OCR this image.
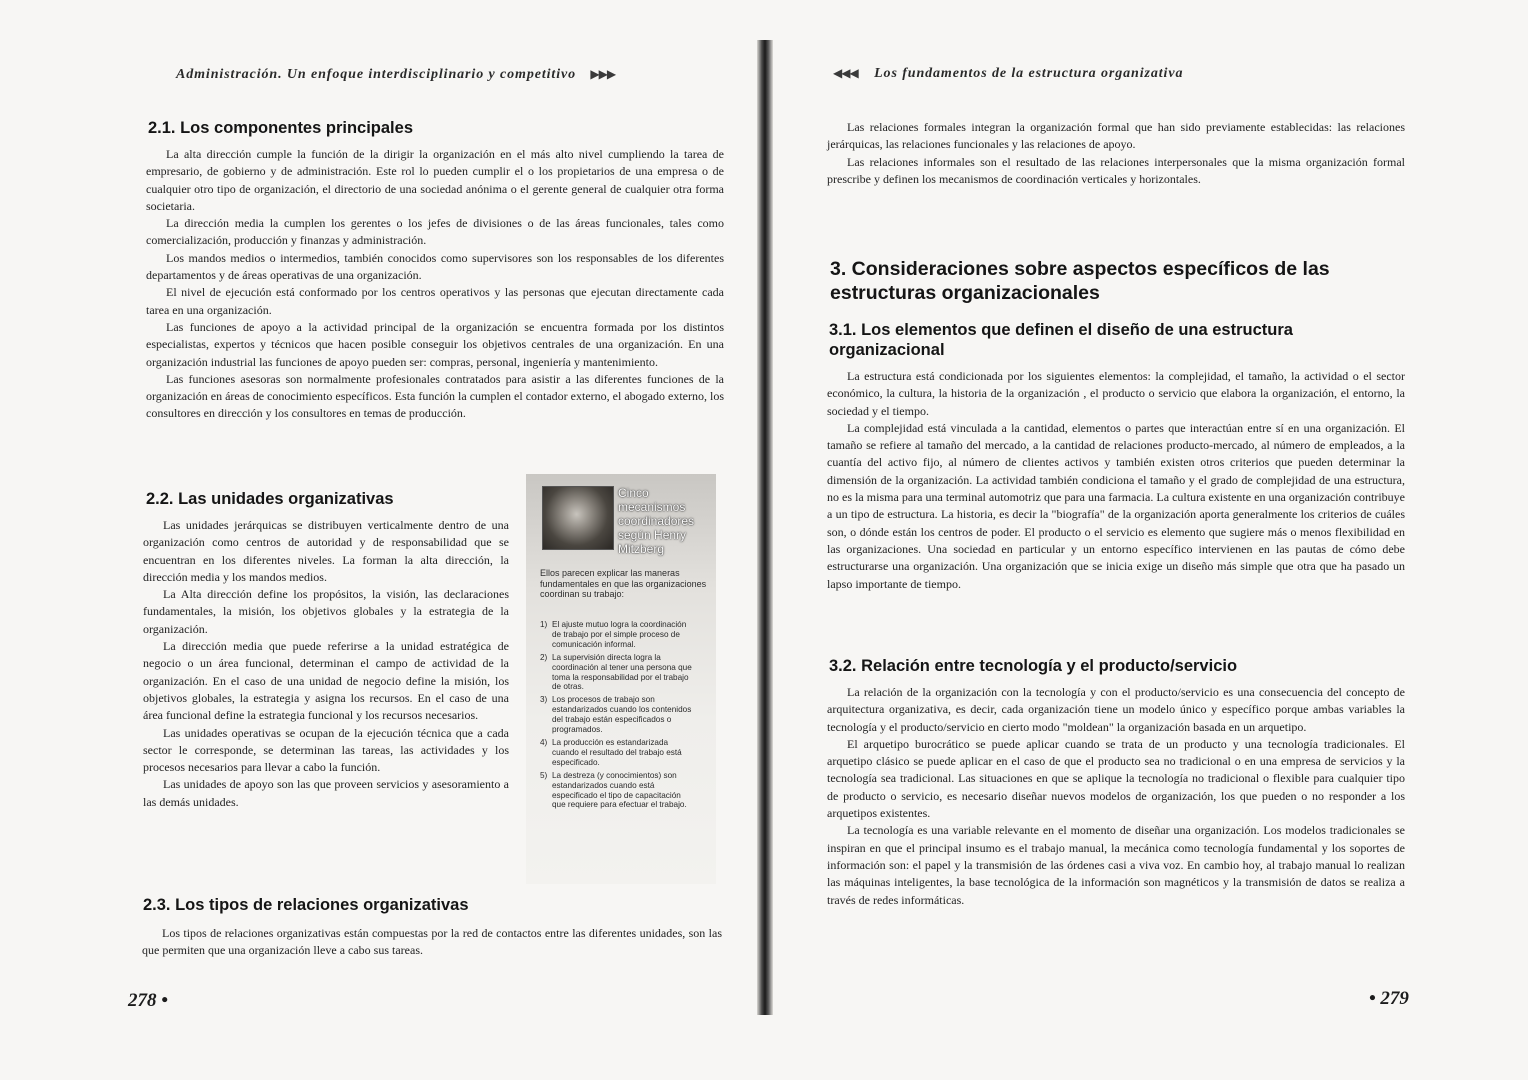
Administración. Un enfoque interdisciplinario y competitivo ▶▶▶
2.1. Los componentes principales

La alta dirección cumple la función de la dirigir la organización en el más alto nivel cumpliendo la tarea de empresario, de gobierno y de administración. Este rol lo pueden cumplir el o los propietarios de una empresa o de cualquier otro tipo de organización, el directorio de una sociedad anónima o el gerente general de cualquier otra forma societaria.

La dirección media la cumplen los gerentes o los jefes de divisiones o de las áreas funcionales, tales como comercialización, producción y finanzas y administración.

Los mandos medios o intermedios, también conocidos como supervisores son los responsables de los diferentes departamentos y de áreas operativas de una organización.

El nivel de ejecución está conformado por los centros operativos y las personas que ejecutan directamente cada tarea en una organización.

Las funciones de apoyo a la actividad principal de la organización se encuentra formada por los distintos especialistas, expertos y técnicos que hacen posible conseguir los objetivos centrales de una organización. En una organización industrial las funciones de apoyo pueden ser: compras, personal, ingeniería y mantenimiento.

Las funciones asesoras son normalmente profesionales contratados para asistir a las diferentes funciones de la organización en áreas de conocimiento específicos. Esta función la cumplen el contador externo, el abogado externo, los consultores en dirección y los consultores en temas de producción.

2.2. Las unidades organizativas

Las unidades jerárquicas se distribuyen verticalmente dentro de una organización como centros de autoridad y de responsabilidad que se encuentran en los diferentes niveles. La forman la alta dirección, la dirección media y los mandos medios.

La Alta dirección define los propósitos, la visión, las declaraciones fundamentales, la misión, los objetivos globales y la estrategia de la organización.

La dirección media que puede referirse a la unidad estratégica de negocio o un área funcional, determinan el campo de actividad de la organización. En el caso de una unidad de negocio define la misión, los objetivos globales, la estrategia y asigna los recursos. En el caso de una área funcional define la estrategia funcional y los recursos necesarios.

Las unidades operativas se ocupan de la ejecución técnica que a cada sector le corresponde, se determinan las tareas, las actividades y los procesos necesarios para llevar a cabo la función.

Las unidades de apoyo son las que proveen servicios y asesoramiento a las demás unidades.

Cinco mecanismos coordinadores según Henry Mitzberg
Ellos parecen explicar las maneras fundamentales en que las organizaciones coordinan su trabajo:
1) El ajuste mutuo logra la coordinación de trabajo por el simple proceso de comunicación informal.
2) La supervisión directa logra la coordinación al tener una persona que toma la responsabilidad por el trabajo de otras.
3) Los procesos de trabajo son estandarizados cuando los contenidos del trabajo están especificados o programados.
4) La producción es estandarizada cuando el resultado del trabajo está especificado.
5) La destreza (y conocimientos) son estandarizados cuando está especificado el tipo de capacitación que requiere para efectuar el trabajo.
2.3. Los tipos de relaciones organizativas

Los tipos de relaciones organizativas están compuestas por la red de contactos entre las diferentes unidades, son las que permiten que una organización lleve a cabo sus tareas.

278 •
◀◀◀ Los fundamentos de la estructura organizativa

Las relaciones formales integran la organización formal que han sido previamente establecidas: las relaciones jerárquicas, las relaciones funcionales y las relaciones de apoyo.

Las relaciones informales son el resultado de las relaciones interpersonales que la misma organización formal prescribe y definen los mecanismos de coordinación verticales y horizontales.

3. Consideraciones sobre aspectos específicos de las estructuras organizacionales
3.1. Los elementos que definen el diseño de una estructura organizacional

La estructura está condicionada por los siguientes elementos: la complejidad, el tamaño, la actividad o el sector económico, la cultura, la historia de la organización , el producto o servicio que elabora la organización, el entorno, la sociedad y el tiempo.

La complejidad está vinculada a la cantidad, elementos o partes que interactúan entre sí en una organización. El tamaño se refiere al tamaño del mercado, a la cantidad de relaciones producto-mercado, al número de empleados, a la cuantía del activo fijo, al número de clientes activos y también existen otros criterios que pueden determinar la dimensión de la organización. La actividad también condiciona el tamaño y el grado de complejidad de una estructura, no es la misma para una terminal automotriz que para una farmacia. La cultura existente en una organización contribuye a un tipo de estructura. La historia, es decir la "biografía" de la organización aporta generalmente los criterios de cuáles son, o dónde están los centros de poder. El producto o el servicio es elemento que sugiere más o menos flexibilidad en las organizaciones. Una sociedad en particular y un entorno específico intervienen en las pautas de cómo debe estructurarse una organización. Una organización que se inicia exige un diseño más simple que otra que ha pasado un lapso importante de tiempo.

3.2. Relación entre tecnología y el producto/servicio

La relación de la organización con la tecnología y con el producto/servicio es una consecuencia del concepto de arquitectura organizativa, es decir, cada organización tiene un modelo único y específico porque ambas variables la tecnología y el producto/servicio en cierto modo "moldean" la organización basada en un arquetipo.

El arquetipo burocrático se puede aplicar cuando se trata de un producto y una tecnología tradicionales. El arquetipo clásico se puede aplicar en el caso de que el producto sea no tradicional o en una empresa de servicios y la tecnología sea tradicional. Las situaciones en que se aplique la tecnología no tradicional o flexible para cualquier tipo de producto o servicio, es necesario diseñar nuevos modelos de organización, los que pueden o no responder a los arquetipos existentes.

La tecnología es una variable relevante en el momento de diseñar una organización. Los modelos tradicionales se inspiran en que el principal insumo es el trabajo manual, la mecánica como tecnología fundamental y los soportes de información son: el papel y la transmisión de las órdenes casi a viva voz. En cambio hoy, al trabajo manual lo realizan las máquinas inteligentes, la base tecnológica de la información son magnéticos y la transmisión de datos se realiza a través de redes informáticas.

• 279
